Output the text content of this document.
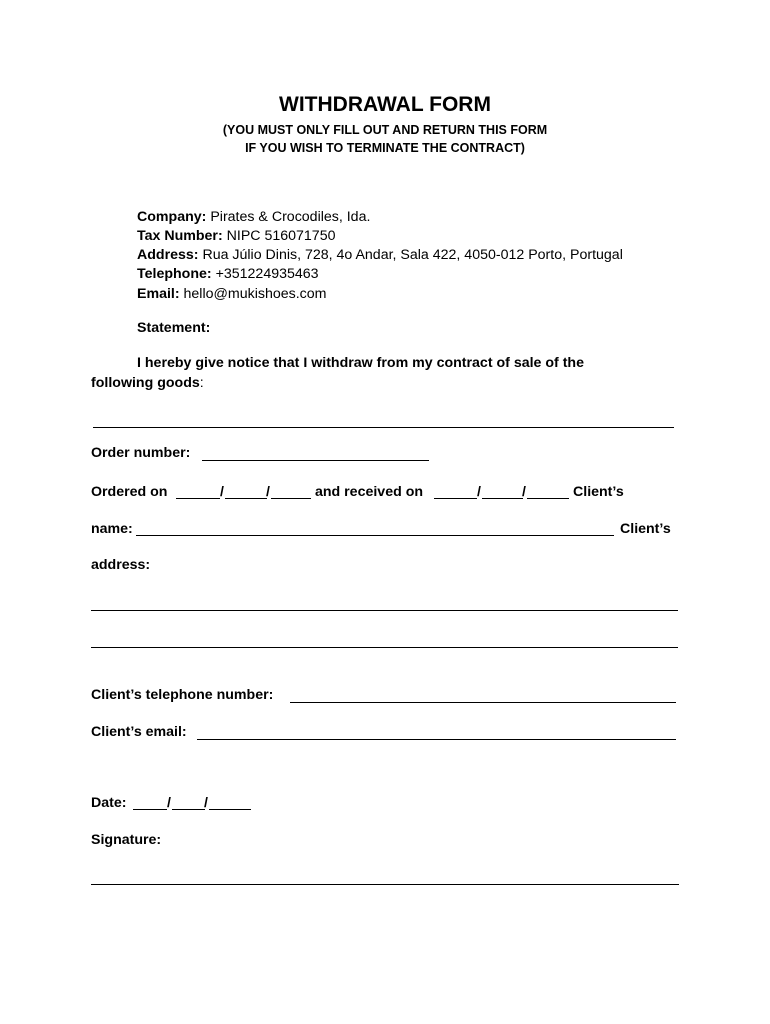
WITHDRAWAL FORM
(YOU MUST ONLY FILL OUT AND RETURN THIS FORM
IF YOU WISH TO TERMINATE THE CONTRACT)
Company: Pirates & Crocodiles, Ida.
Tax Number: NIPC 516071750
Address: Rua Júlio Dinis, 728, 4o Andar, Sala 422, 4050-012 Porto, Portugal
Telephone: +351224935463
Email: hello@mukishoes.com
Statement:
I hereby give notice that I withdraw from my contract of sale of the
following goods:
Order number:
Ordered on	/	/	and received on	/	/	Client’s
name:	Client’s
address:
Client’s telephone number:
Client’s email:
Date:	/ /
Signature:
